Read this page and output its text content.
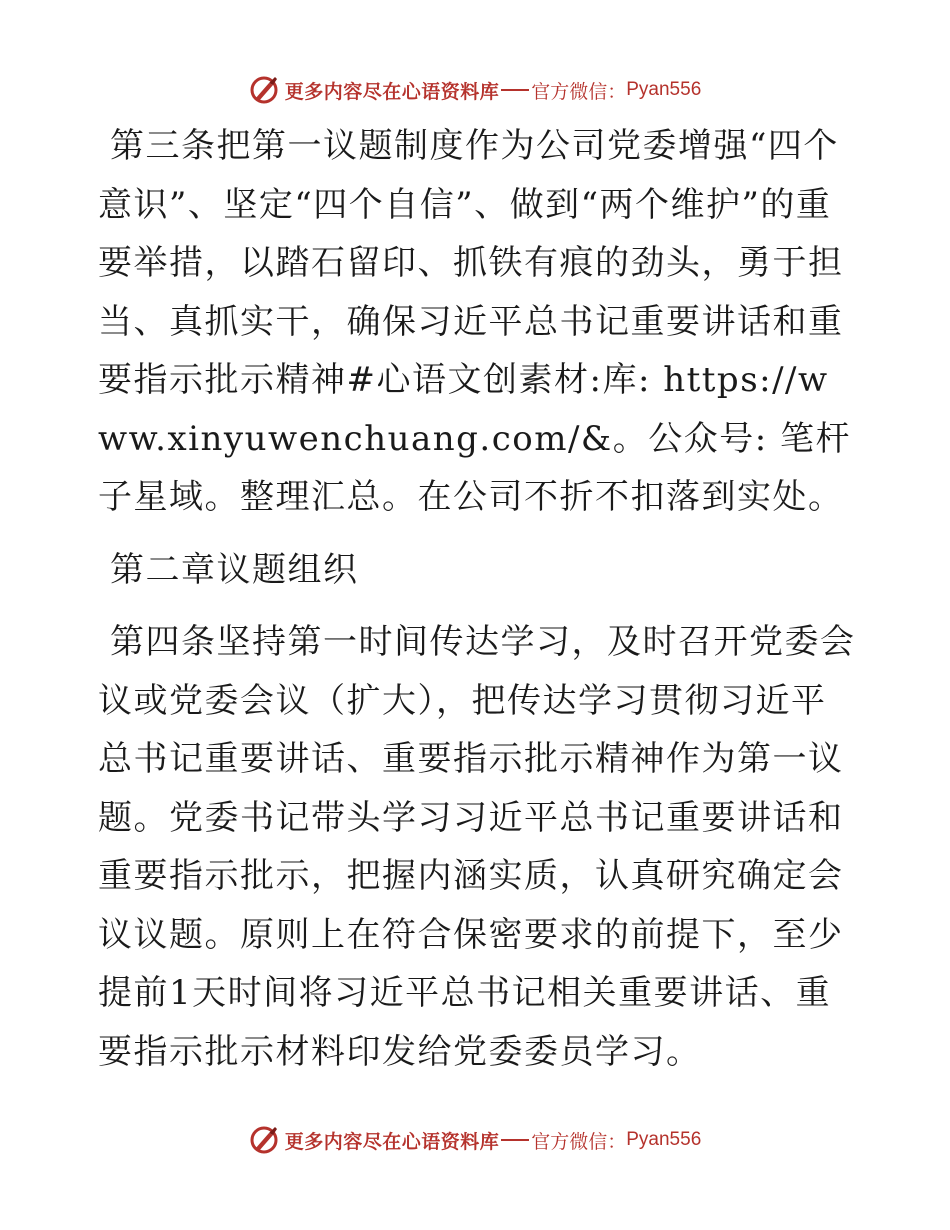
更多内容尽在心语资料库 官方微信： Pyan556

第三条把第一议题制度作为公司党委增强“四个意识”、坚定“四个自信”、做到“两个维护”的重要举措，以踏石留印、抓铁有痕的劲头，勇于担当、真抓实干，确保习近平总书记重要讲话和重要指示批示精神#心语文创素材:库: https://www.xinyuwenchuang.com/&。公众号: 笔杆子星域。整理汇总。在公司不折不扣落到实处。

第二章议题组织

第四条坚持第一时间传达学习，及时召开党委会议或党委会议（扩大），把传达学习贯彻习近平总书记重要讲话、重要指示批示精神作为第一议题。党委书记带头学习习近平总书记重要讲话和重要指示批示，把握内涵实质，认真研究确定会议议题。原则上在符合保密要求的前提下，至少提前1天时间将习近平总书记相关重要讲话、重要指示批示材料印发给党委委员学习。

更多内容尽在心语资料库 官方微信： Pyan556
